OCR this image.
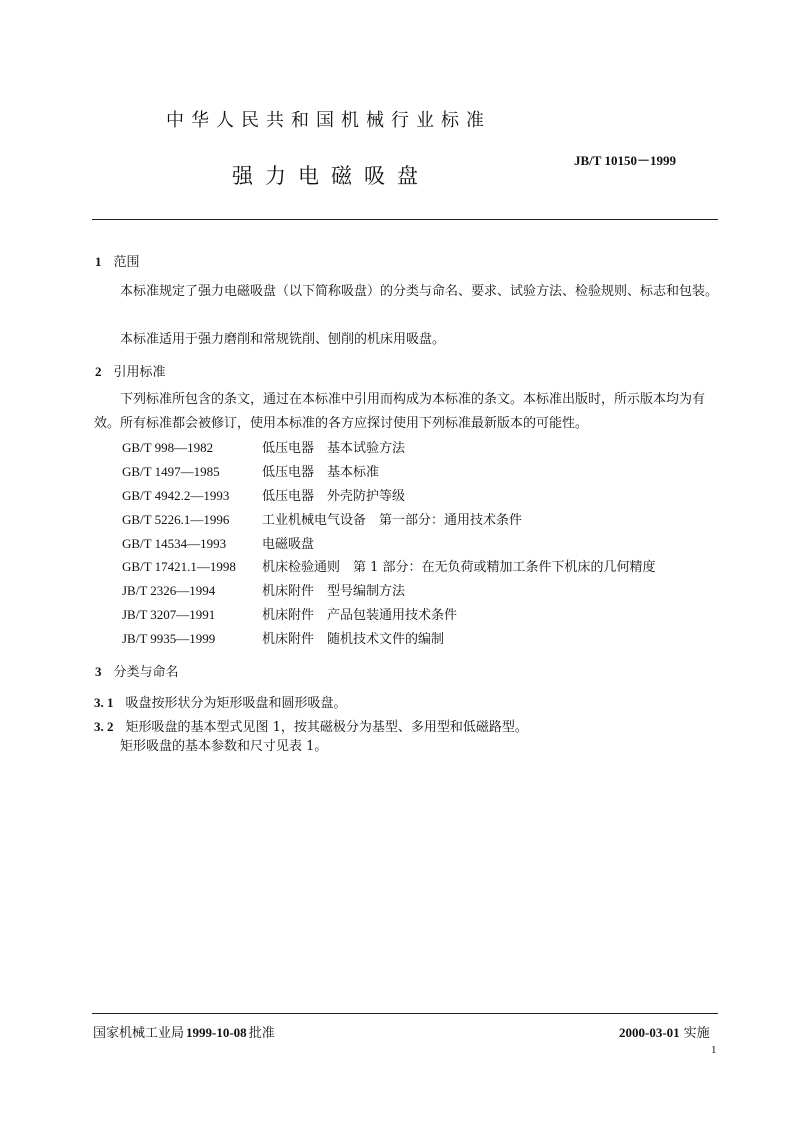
中华人民共和国机械行业标准
JB/T 10150－1999
强力电磁吸盘
1 范围
本标准规定了强力电磁吸盘（以下简称吸盘）的分类与命名、要求、试验方法、检验规则、标志和包装。
本标准适用于强力磨削和常规铣削、刨削的机床用吸盘。
2 引用标准
下列标准所包含的条文，通过在本标准中引用而构成为本标准的条文。本标准出版时，所示版本均为有效。所有标准都会被修订，使用本标准的各方应探讨使用下列标准最新版本的可能性。
GB/T 998—1982	低压电器　基本试验方法
GB/T 1497—1985	低压电器　基本标准
GB/T 4942.2—1993	低压电器　外壳防护等级
GB/T 5226.1—1996	工业机械电气设备　第一部分：通用技术条件
GB/T 14534—1993	电磁吸盘
GB/T 17421.1—1998 机床检验通则　第 1 部分：在无负荷或精加工条件下机床的几何精度
JB/T 2326—1994	机床附件　型号编制方法
JB/T 3207—1991	机床附件　产品包装通用技术条件
JB/T 9935—1999	机床附件　随机技术文件的编制
3 分类与命名
3. 1 吸盘按形状分为矩形吸盘和圆形吸盘。
3. 2 矩形吸盘的基本型式见图 1，按其磁极分为基型、多用型和低磁路型。
矩形吸盘的基本参数和尺寸见表 1。
国家机械工业局 1999-10-08 批准	2000-03-01 实施
1
